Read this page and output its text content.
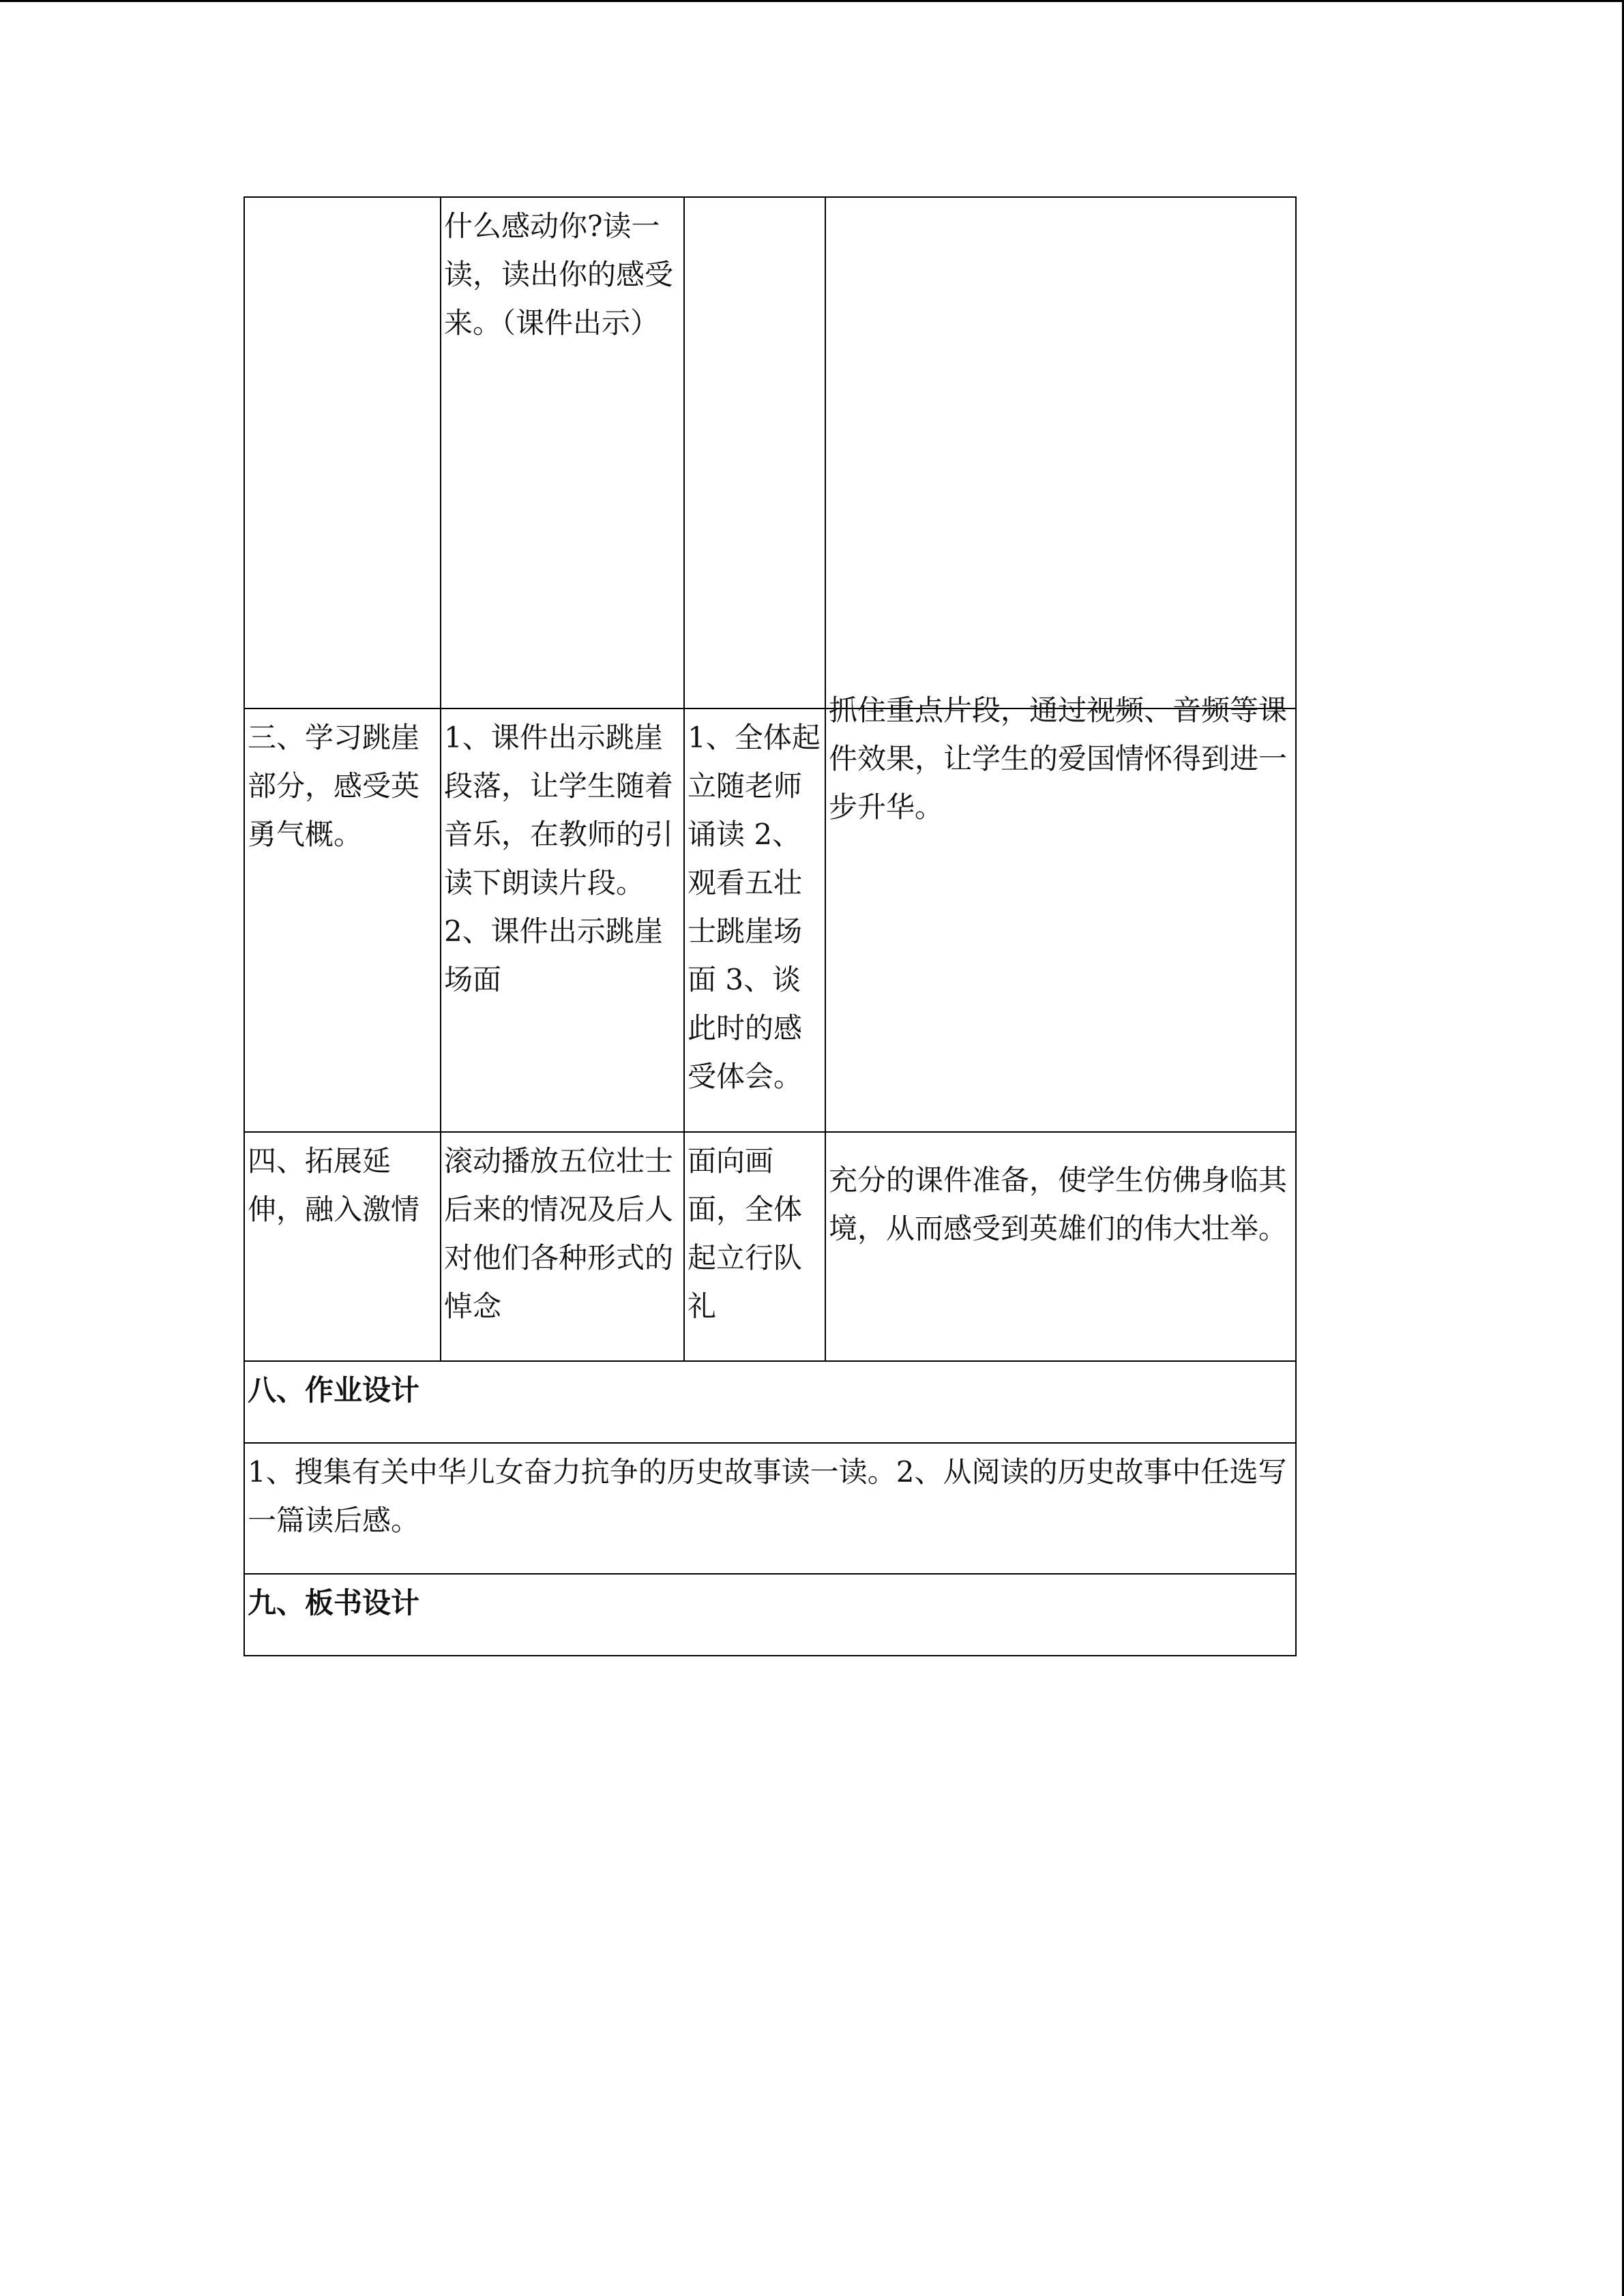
	什么感动你?读一读，读出你的感受来。（课件出示）		

三、学习跳崖部分，感受英勇气概。	1、课件出示跳崖段落，让学生随着音乐，在教师的引读下朗读片段。2、课件出示跳崖场面	1、全体起立随老师诵读 2、观看五壮士跳崖场面 3、谈此时的感受体会。	抓住重点片段，通过视频、音频等课件效果，让学生的爱国情怀得到进一步升华。

四、拓展延伸，融入激情	滚动播放五位壮士后来的情况及后人对他们各种形式的悼念	面向画面，全体起立行队礼	充分的课件准备，使学生仿佛身临其境，从而感受到英雄们的伟大壮举。

八、作业设计			

1、搜集有关中华儿女奋力抗争的历史故事读一读。2、从阅读的历史故事中任选写一篇读后感。			

九、板书设计			
